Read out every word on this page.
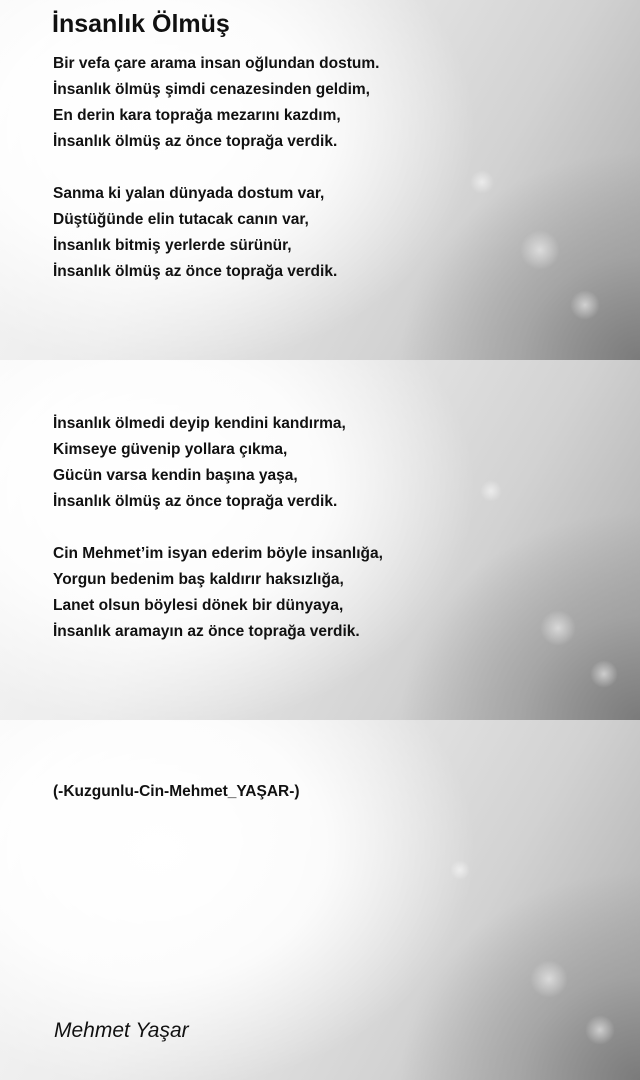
İnsanlık Ölmüş
Bir vefa çare arama insan oğlundan dostum.
İnsanlık ölmüş şimdi cenazesinden geldim,
En derin kara toprağa mezarını kazdım,
İnsanlık ölmüş az önce toprağa verdik.
Sanma ki yalan dünyada dostum var,
Düştüğünde elin tutacak canın var,
İnsanlık bitmiş yerlerde sürünür,
İnsanlık ölmüş az önce toprağa verdik.
İnsanlık ölmedi deyip kendini kandırma,
Kimseye güvenip yollara çıkma,
Gücün varsa kendin başına yaşa,
İnsanlık ölmüş az önce toprağa verdik.
Cin Mehmet’im isyan ederim böyle insanlığa,
Yorgun bedenim baş kaldırır haksızlığa,
Lanet olsun böylesi dönek bir dünyaya,
İnsanlık aramayın az önce toprağa verdik.
(-Kuzgunlu-Cin-Mehmet_YAŞAR-)
Mehmet Yaşar
